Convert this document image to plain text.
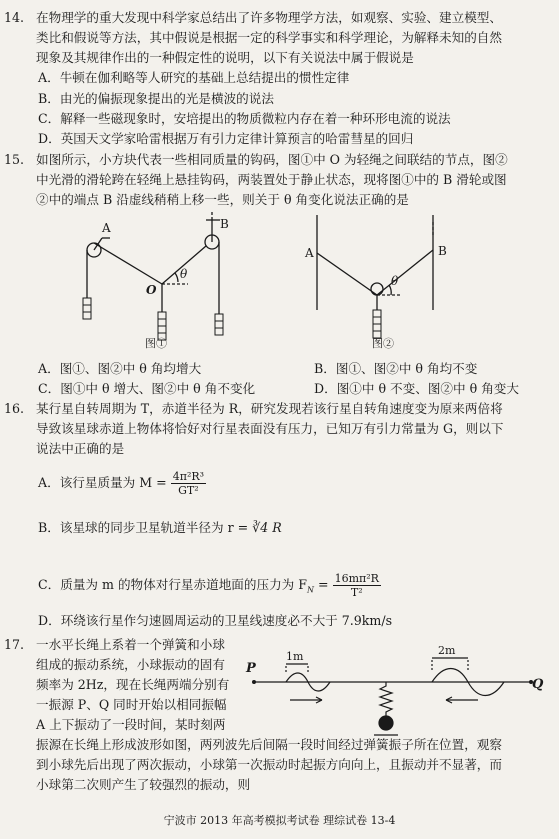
14. 在物理学的重大发现中科学家总结出了许多物理学方法，如观察、实验、建立模型、
类比和假说等方法，其中假说是根据一定的科学事实和科学理论，为解释未知的自然
现象及其规律作出的一种假定性的说明，以下有关说法中属于假说是
A．牛顿在伽利略等人研究的基础上总结提出的惯性定律
B．由光的偏振现象提出的光是横波的说法
C．解释一些磁现象时，安培提出的物质微粒内存在着一种环形电流的说法
D．英国天文学家哈雷根据万有引力定律计算预言的哈雷彗星的回归
15. 如图所示，小方块代表一些相同质量的钩码，图①中 O 为轻绳之间联结的节点，图②
中光滑的滑轮跨在轻绳上悬挂钩码，两装置处于静止状态，现将图①中的 B 滑轮或图
②中的端点 B 沿虚线稍稍上移一些，则关于 θ 角变化说法正确的是
A	B
O
θ
图①
A	B
θ
图②
A．图①、图②中 θ 角均增大	B．图①、图②中 θ 角均不变
C．图①中 θ 增大、图②中 θ 角不变化	D．图①中 θ 不变、图②中 θ 角变大
16. 某行星自转周期为 T，赤道半径为 R，研究发现若该行星自转角速度变为原来两倍将
导致该星球赤道上物体将恰好对行星表面没有压力，已知万有引力常量为 G，则以下
说法中正确的是
A．该行星质量为 $M = \frac{\text{4π²R³}}{\text{GT²}}$
B．该星球的同步卫星轨道半径为 r = ∛4 R
C．质量为 m 的物体对行星赤道地面的压力为 $F_N = \frac{\text{16mπ²R}}{\text{T²}}$
D．环绕该行星作匀速圆周运动的卫星线速度必不大于 7.9km/s
17. 一水平长绳上系着一个弹簧和小球
组成的振动系统，小球振动的固有
频率为 2Hz，现在长绳两端分别有
一振源 P、Q 同时开始以相同振幅
A 上下振动了一段时间，某时刻两
P
Q
1m	2m
振源在长绳上形成波形如图，两列波先后间隔一段时间经过弹簧振子所在位置，观察
到小球先后出现了两次振动，小球第一次振动时起振方向向上，且振动并不显著，而
小球第二次则产生了较强烈的振动，则
宁波市 2013 年高考模拟考试卷 理综试卷 13-4
